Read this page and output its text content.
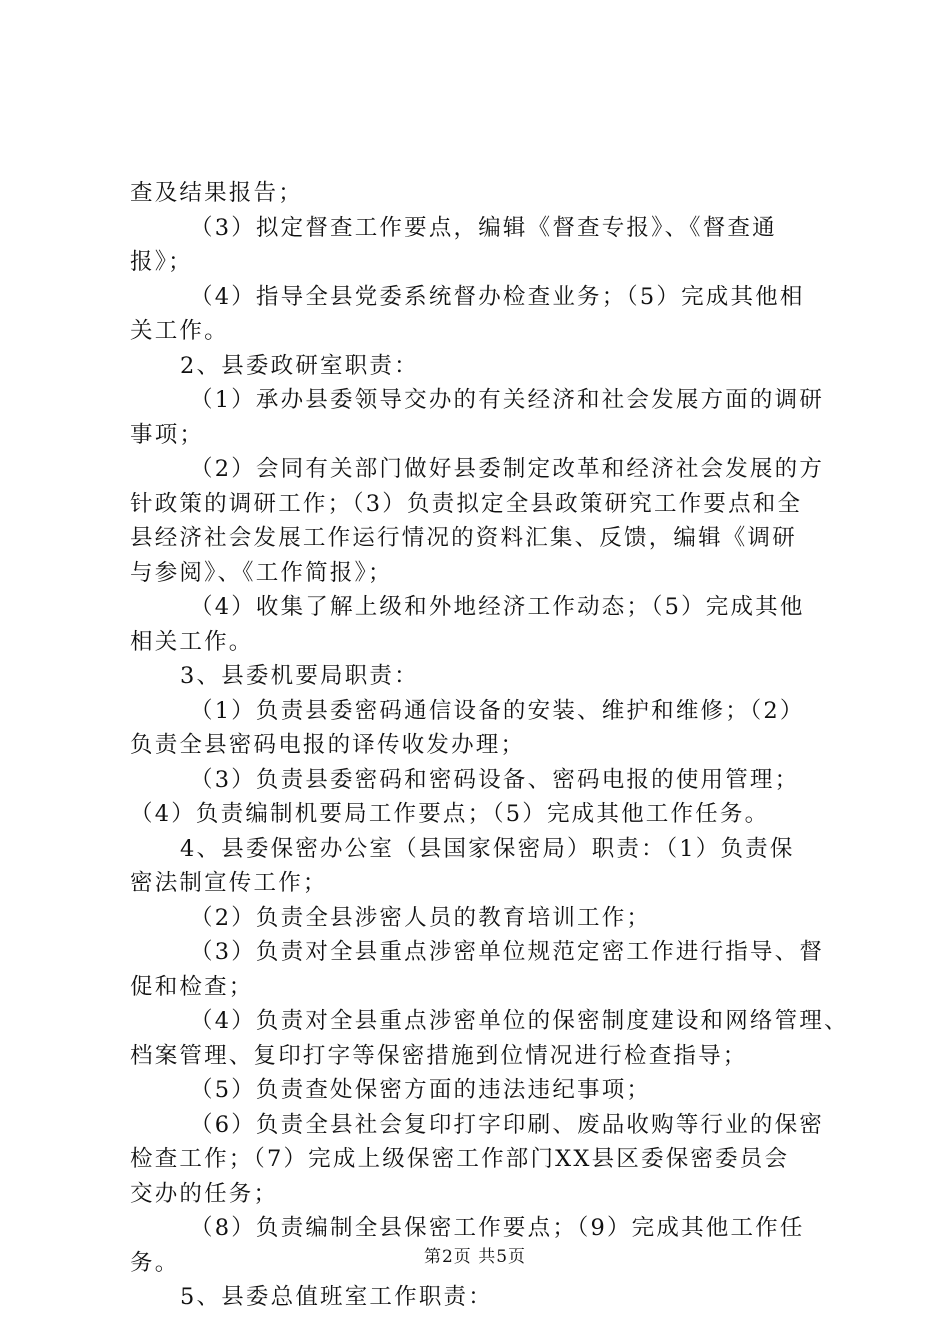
查及结果报告；
（3）拟定督查工作要点，编辑《督查专报》、《督查通
报》；
（4）指导全县党委系统督办检查业务；（5）完成其他相
关工作。
2、县委政研室职责：
（1）承办县委领导交办的有关经济和社会发展方面的调研
事项；
（2）会同有关部门做好县委制定改革和经济社会发展的方
针政策的调研工作；（3）负责拟定全县政策研究工作要点和全
县经济社会发展工作运行情况的资料汇集、反馈，编辑《调研
与参阅》、《工作简报》；
（4）收集了解上级和外地经济工作动态；（5）完成其他
相关工作。
3、县委机要局职责：
（1）负责县委密码通信设备的安装、维护和维修；（2）
负责全县密码电报的译传收发办理；
（3）负责县委密码和密码设备、密码电报的使用管理；
（4）负责编制机要局工作要点；（5）完成其他工作任务。
4、县委保密办公室（县国家保密局）职责：（1）负责保
密法制宣传工作；
（2）负责全县涉密人员的教育培训工作；
（3）负责对全县重点涉密单位规范定密工作进行指导、督
促和检查；
（4）负责对全县重点涉密单位的保密制度建设和网络管理、
档案管理、复印打字等保密措施到位情况进行检查指导；
（5）负责查处保密方面的违法违纪事项；
（6）负责全县社会复印打字印刷、废品收购等行业的保密
检查工作；（7）完成上级保密工作部门XX县区委保密委员会
交办的任务；
（8）负责编制全县保密工作要点；（9）完成其他工作任
务。
5、县委总值班室工作职责：
第2页 共5页
